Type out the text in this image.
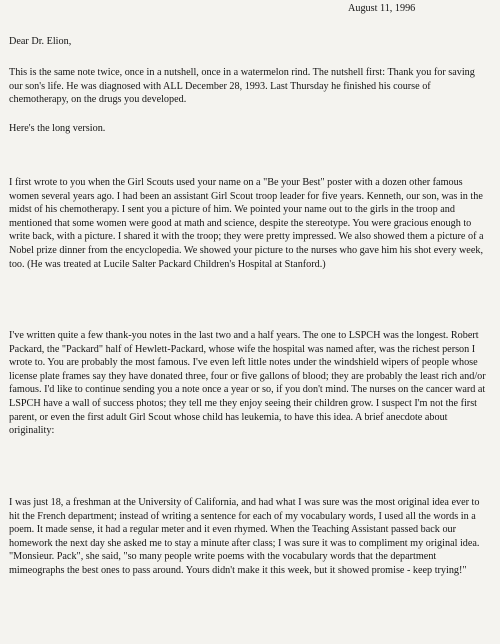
August 11, 1996
Dear Dr. Elion,

This is the same note twice, once in a nutshell, once in a watermelon rind. The nutshell first: Thank you for saving our son's life. He was diagnosed with ALL December 28, 1993. Last Thursday he finished his course of chemotherapy, on the drugs you developed.

Here's the long version.

I first wrote to you when the Girl Scouts used your name on a "Be your Best" poster with a dozen other famous women several years ago. I had been an assistant Girl Scout troop leader for five years. Kenneth, our son, was in the midst of his chemotherapy. I sent you a picture of him. We pointed your name out to the girls in the troop and mentioned that some women were good at math and science, despite the stereotype. You were gracious enough to write back, with a picture. I shared it with the troop; they were pretty impressed. We also showed them a picture of a Nobel prize dinner from the encyclopedia. We showed your picture to the nurses who gave him his shot every week, too. (He was treated at Lucile Salter Packard Children's Hospital at Stanford.)

I've written quite a few thank-you notes in the last two and a half years. The one to LSPCH was the longest. Robert Packard, the "Packard" half of Hewlett-Packard, whose wife the hospital was named after, was the richest person I wrote to. You are probably the most famous. I've even left little notes under the windshield wipers of people whose license plate frames say they have donated three, four or five gallons of blood; they are probably the least rich and/or famous. I'd like to continue sending you a note once a year or so, if you don't mind. The nurses on the cancer ward at LSPCH have a wall of success photos; they tell me they enjoy seeing their children grow. I suspect I'm not the first parent, or even the first adult Girl Scout whose child has leukemia, to have this idea. A brief anecdote about originality:

I was just 18, a freshman at the University of California, and had what I was sure was the most original idea ever to hit the French department; instead of writing a sentence for each of my vocabulary words, I used all the words in a poem. It made sense, it had a regular meter and it even rhymed. When the Teaching Assistant passed back our homework the next day she asked me to stay a minute after class; I was sure it was to compliment my original idea. "Monsieur. Pack", she said, "so many people write poems with the vocabulary words that the department mimeographs the best ones to pass around. Yours didn't make it this week, but it showed promise - keep trying!"
